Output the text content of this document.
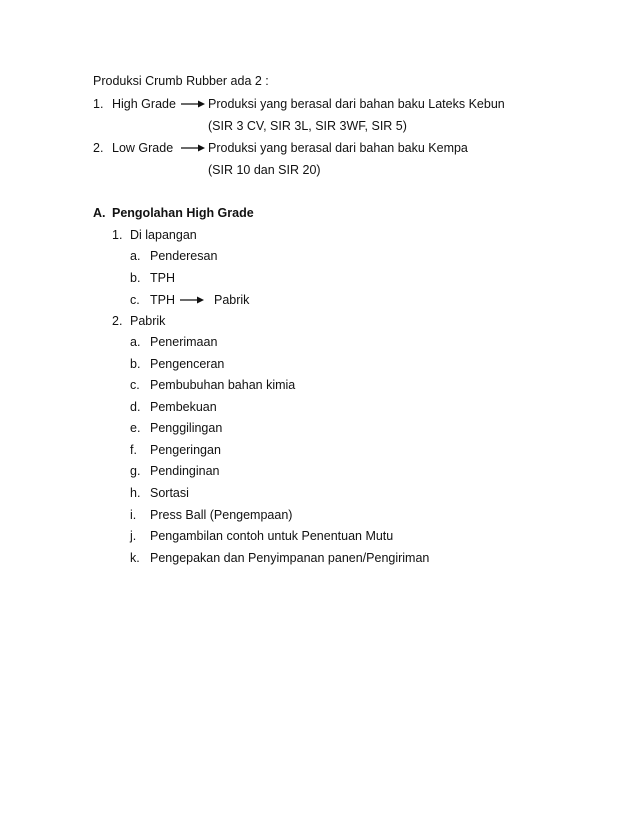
Produksi Crumb Rubber ada 2 :
1. High Grade	Produksi yang berasal dari bahan baku Lateks Kebun
(SIR 3 CV, SIR 3L, SIR 3WF, SIR 5)
2. Low Grade	Produksi yang berasal dari bahan baku Kempa
(SIR 10 dan SIR 20)
A. Pengolahan High Grade
1. Di lapangan
a. Penderesan
b. TPH
c. TPH	Pabrik
2. Pabrik
a. Penerimaan
b. Pengenceran
c. Pembubuhan bahan kimia
d. Pembekuan
e. Penggilingan
f. Pengeringan
g. Pendinginan
h. Sortasi
i. Press Ball (Pengempaan)
j. Pengambilan contoh untuk Penentuan Mutu
k. Pengepakan dan Penyimpanan panen/Pengiriman
